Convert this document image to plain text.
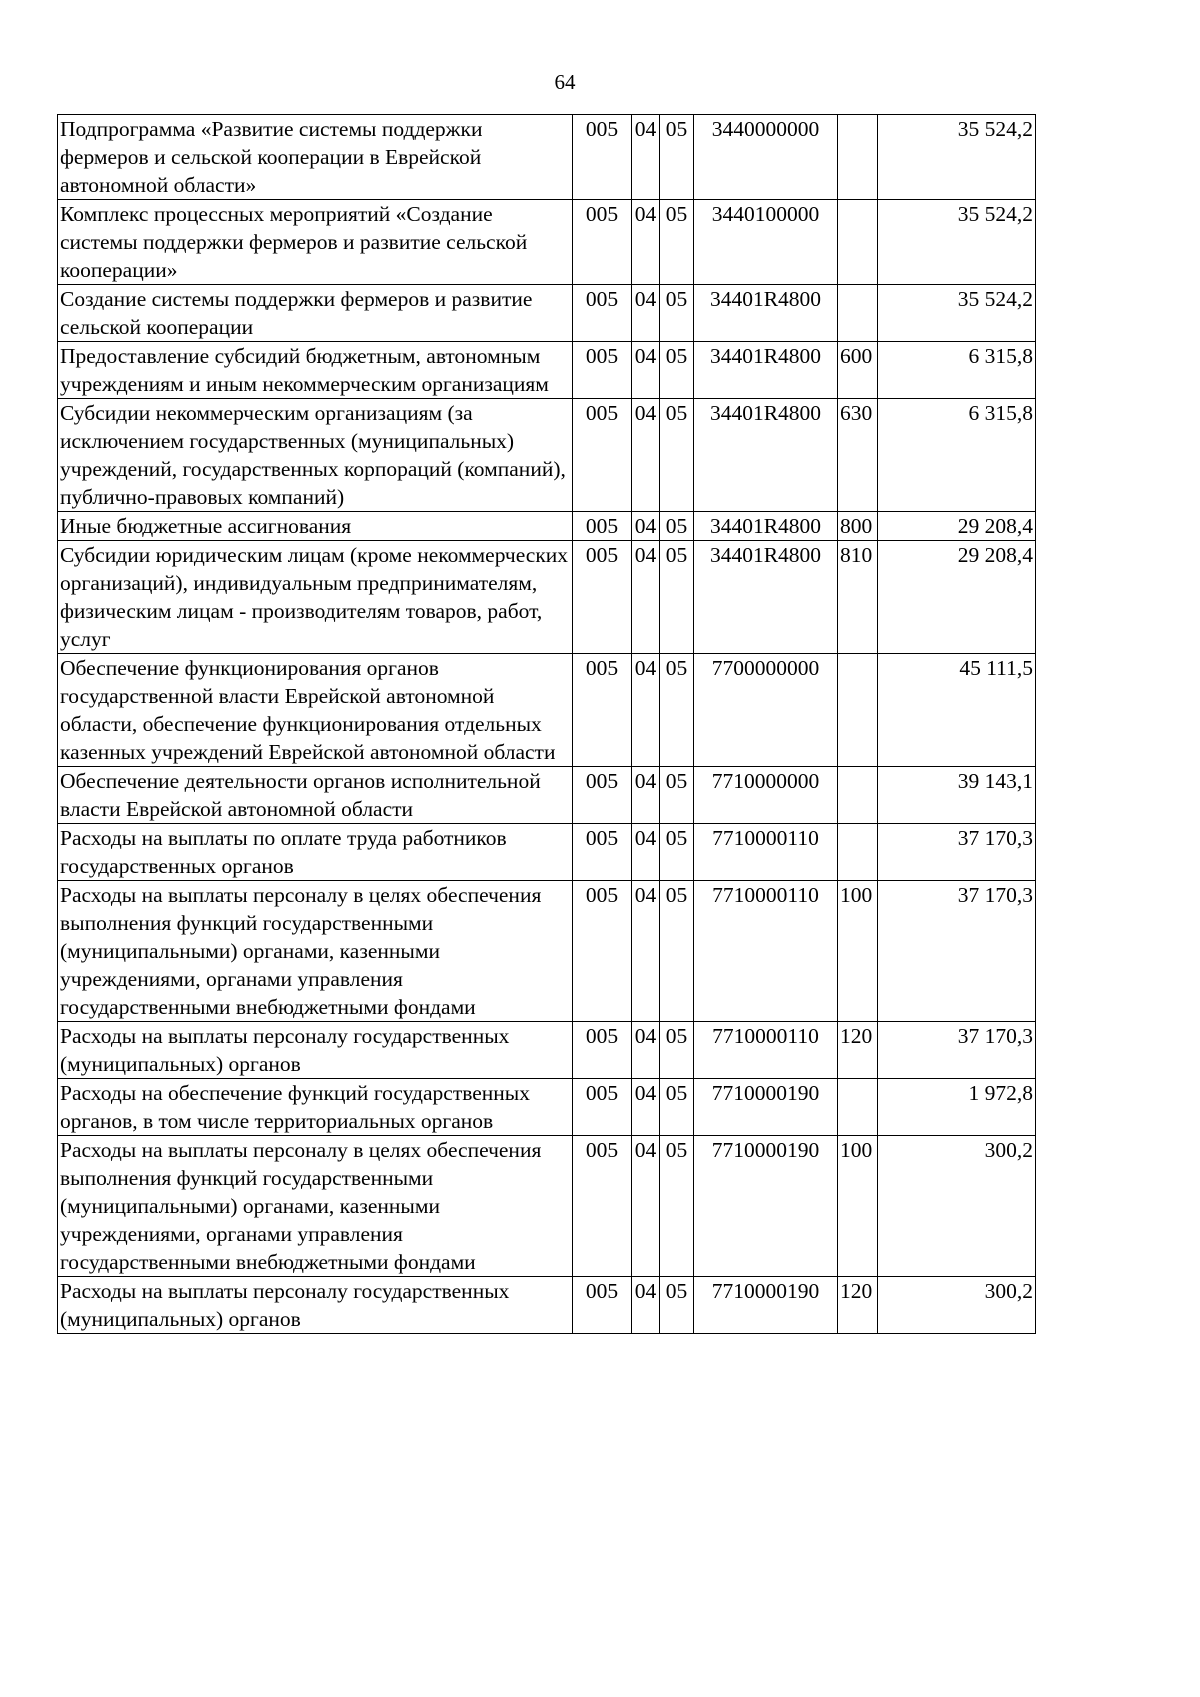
64
Подпрограмма «Развитие системы поддержки фермеров и сельской кооперации в Еврейской автономной области»	005	04	05	3440000000		35 524,2
Комплекс процессных мероприятий «Создание системы поддержки фермеров и развитие сельской кооперации»	005	04	05	3440100000		35 524,2
Создание системы поддержки фермеров и развитие сельской кооперации	005	04	05	34401R4800		35 524,2
Предоставление субсидий бюджетным, автономным учреждениям и иным некоммерческим организациям	005	04	05	34401R4800	600	6 315,8
Субсидии некоммерческим организациям (за исключением государственных (муниципальных) учреждений, государственных корпораций (компаний), публично-правовых компаний)	005	04	05	34401R4800	630	6 315,8
Иные бюджетные ассигнования	005	04	05	34401R4800	800	29 208,4
Субсидии юридическим лицам (кроме некоммерческих организаций), индивидуальным предпринимателям, физическим лицам - производителям товаров, работ, услуг	005	04	05	34401R4800	810	29 208,4
Обеспечение функционирования органов государственной власти Еврейской автономной области, обеспечение функционирования отдельных казенных учреждений Еврейской автономной области	005	04	05	7700000000		45 111,5
Обеспечение деятельности органов исполнительной власти Еврейской автономной области	005	04	05	7710000000		39 143,1
Расходы на выплаты по оплате труда работников государственных органов	005	04	05	7710000110		37 170,3
Расходы на выплаты персоналу в целях обеспечения выполнения функций государственными (муниципальными) органами, казенными учреждениями, органами управления государственными внебюджетными фондами	005	04	05	7710000110	100	37 170,3
Расходы на выплаты персоналу государственных (муниципальных) органов	005	04	05	7710000110	120	37 170,3
Расходы на обеспечение функций государственных органов, в том числе территориальных органов	005	04	05	7710000190		1 972,8
Расходы на выплаты персоналу в целях обеспечения выполнения функций государственными (муниципальными) органами, казенными учреждениями, органами управления государственными внебюджетными фондами	005	04	05	7710000190	100	300,2
Расходы на выплаты персоналу государственных (муниципальных) органов	005	04	05	7710000190	120	300,2
